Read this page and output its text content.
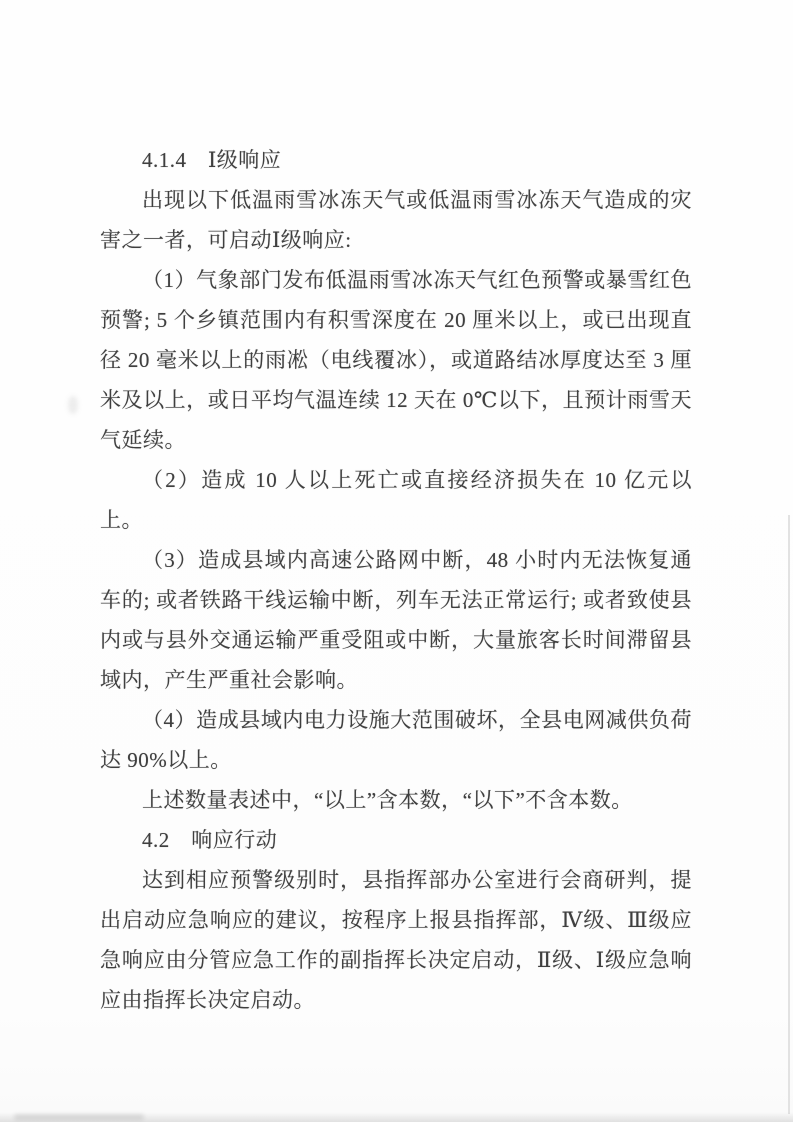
4.1.4　Ⅰ级响应

出现以下低温雨雪冰冻天气或低温雨雪冰冻天气造成的灾害之一者，可启动Ⅰ级响应:

（1）气象部门发布低温雨雪冰冻天气红色预警或暴雪红色预警; 5 个乡镇范围内有积雪深度在 20 厘米以上，或已出现直径 20 毫米以上的雨凇（电线覆冰），或道路结冰厚度达至 3 厘米及以上，或日平均气温连续 12 天在 0℃以下，且预计雨雪天气延续。

（2）造成 10 人以上死亡或直接经济损失在 10 亿元以上。

（3）造成县域内高速公路网中断，48 小时内无法恢复通车的; 或者铁路干线运输中断，列车无法正常运行; 或者致使县内或与县外交通运输严重受阻或中断，大量旅客长时间滞留县域内，产生严重社会影响。

（4）造成县域内电力设施大范围破坏，全县电网减供负荷达 90%以上。

上述数量表述中，“以上”含本数，“以下”不含本数。

4.2　响应行动

达到相应预警级别时，县指挥部办公室进行会商研判，提出启动应急响应的建议，按程序上报县指挥部，Ⅳ级、Ⅲ级应急响应由分管应急工作的副指挥长决定启动，Ⅱ级、Ⅰ级应急响应由指挥长决定启动。
